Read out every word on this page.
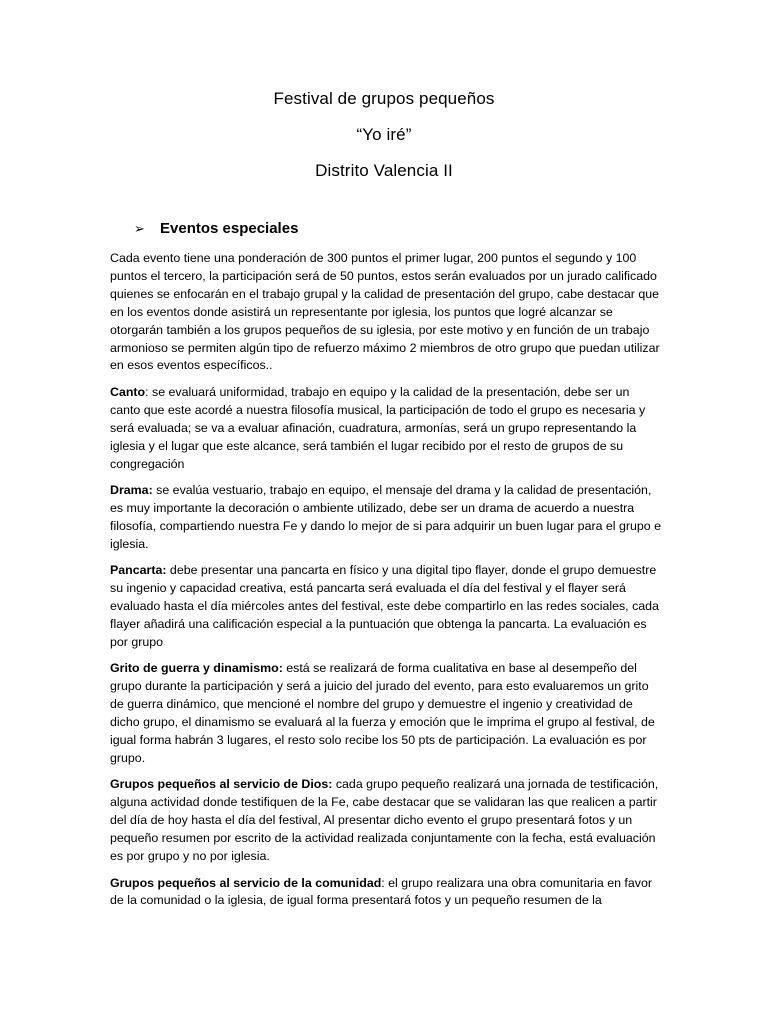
Festival de grupos pequeños

“Yo iré”

Distrito Valencia II

➢ Eventos especiales

Cada evento tiene una ponderación de 300 puntos el primer lugar, 200 puntos el segundo y 100 puntos el tercero, la participación será de 50 puntos, estos serán evaluados por un jurado calificado quienes se enfocarán en el trabajo grupal y la calidad de presentación del grupo, cabe destacar que en los eventos donde asistirá un representante por iglesia, los puntos que logré alcanzar se otorgarán también a los grupos pequeños de su iglesia, por este motivo y en función de un trabajo armonioso se permiten algún tipo de refuerzo máximo 2 miembros de otro grupo que puedan utilizar en esos eventos específicos..

Canto: se evaluará uniformidad, trabajo en equipo y la calidad de la presentación, debe ser un canto que este acordé a nuestra filosofía musical, la participación de todo el grupo es necesaria y será evaluada; se va a evaluar afinación, cuadratura, armonías, será un grupo representando la iglesia y el lugar que este alcance, será también el lugar recibido por el resto de grupos de su congregación

Drama: se evalúa vestuario, trabajo en equipo, el mensaje del drama y la calidad de presentación, es muy importante la decoración o ambiente utilizado, debe ser un drama de acuerdo a nuestra filosofía, compartiendo nuestra Fe y dando lo mejor de si para adquirir un buen lugar para el grupo e iglesia.

Pancarta: debe presentar una pancarta en físico y una digital tipo flayer, donde el grupo demuestre su ingenio y capacidad creativa, está pancarta será evaluada el día del festival y el flayer será evaluado hasta el día miércoles antes del festival, este debe compartirlo en las redes sociales, cada flayer añadirá una calificación especial a la puntuación que obtenga la pancarta. La evaluación es por grupo

Grito de guerra y dinamismo: está se realizará de forma cualitativa en base al desempeño del grupo durante la participación y será a juicio del jurado del evento, para esto evaluaremos un grito de guerra dinámico, que mencioné el nombre del grupo y demuestre el ingenio y creatividad de dicho grupo, el dinamismo se evaluará al la fuerza y emoción que le imprima el grupo al festival, de igual forma habrán 3 lugares, el resto solo recibe los 50 pts de participación. La evaluación es por grupo.

Grupos pequeños al servicio de Dios: cada grupo pequeño realizará una jornada de testificación, alguna actividad donde testifiquen de la Fe, cabe destacar que se validaran las que realicen a partir del día de hoy hasta el día del festival, Al presentar dicho evento el grupo presentará fotos y un pequeño resumen por escrito de la actividad realizada conjuntamente con la fecha, está evaluación es por grupo y no por iglesia.

Grupos pequeños al servicio de la comunidad: el grupo realizara una obra comunitaria en favor de la comunidad o la iglesia, de igual forma presentará fotos y un pequeño resumen de la
